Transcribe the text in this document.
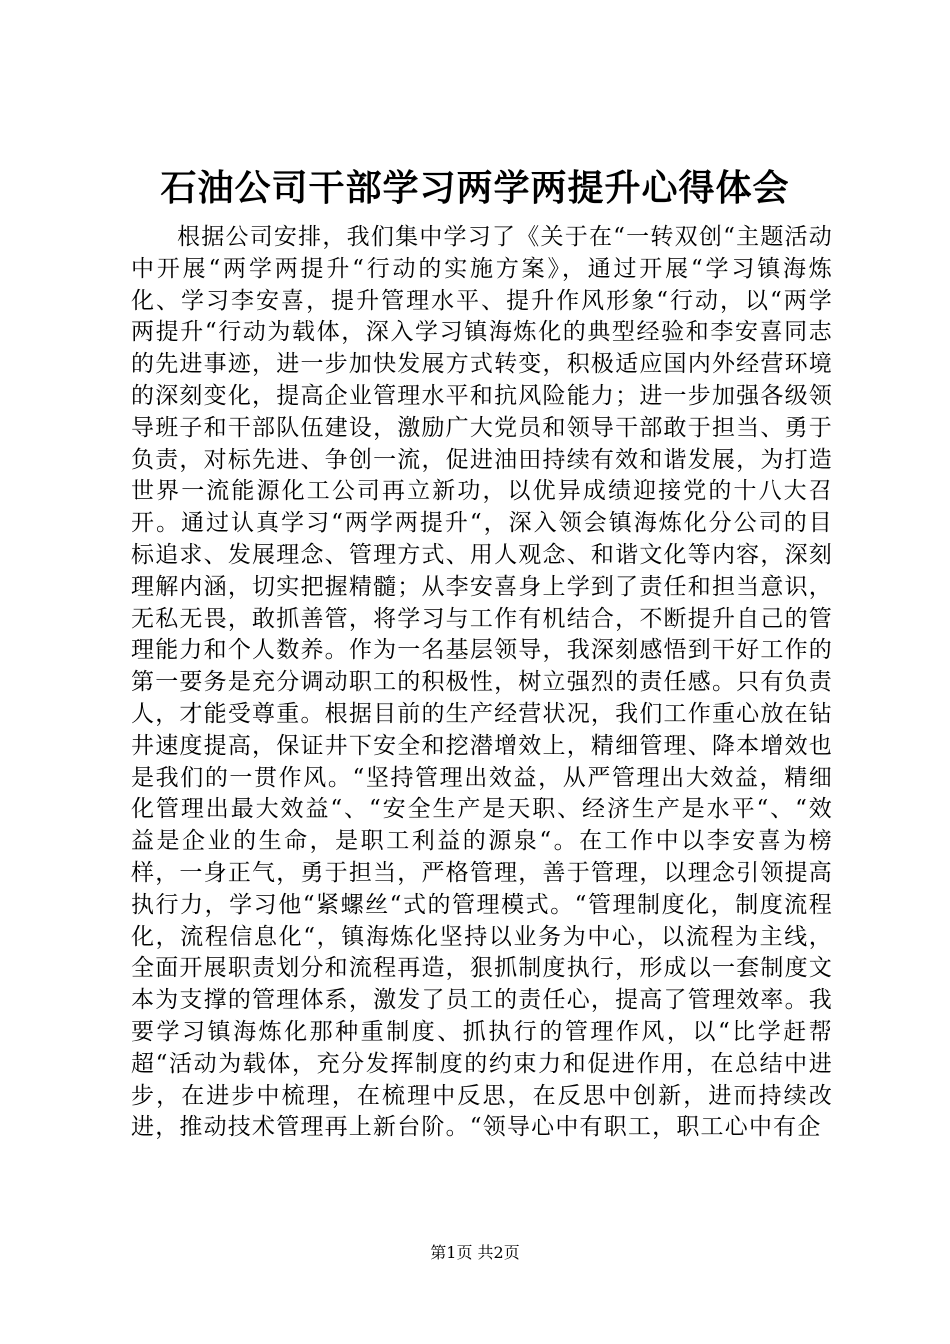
石油公司干部学习两学两提升心得体会

根据公司安排，我们集中学习了《关于在“一转双创“主题活动中开展“两学两提升“行动的实施方案》，通过开展“学习镇海炼化、学习李安喜，提升管理水平、提升作风形象“行动，以“两学两提升“行动为载体，深入学习镇海炼化的典型经验和李安喜同志的先进事迹，进一步加快发展方式转变，积极适应国内外经营环境的深刻变化，提高企业管理水平和抗风险能力；进一步加强各级领导班子和干部队伍建设，激励广大党员和领导干部敢于担当、勇于负责，对标先进、争创一流，促进油田持续有效和谐发展，为打造世界一流能源化工公司再立新功，以优异成绩迎接党的十八大召开。通过认真学习“两学两提升“，深入领会镇海炼化分公司的目标追求、发展理念、管理方式、用人观念、和谐文化等内容，深刻理解内涵，切实把握精髓；从李安喜身上学到了责任和担当意识，无私无畏，敢抓善管，将学习与工作有机结合，不断提升自己的管理能力和个人数养。作为一名基层领导，我深刻感悟到干好工作的第一要务是充分调动职工的积极性，树立强烈的责任感。只有负责人，才能受尊重。根据目前的生产经营状况，我们工作重心放在钻井速度提高，保证井下安全和挖潜增效上，精细管理、降本增效也是我们的一贯作风。“坚持管理出效益，从严管理出大效益，精细化管理出最大效益“、“安全生产是天职、经济生产是水平“、“效益是企业的生命，是职工利益的源泉“。在工作中以李安喜为榜样，一身正气，勇于担当，严格管理，善于管理，以理念引领提高执行力，学习他“紧螺丝“式的管理模式。“管理制度化，制度流程化，流程信息化“，镇海炼化坚持以业务为中心，以流程为主线，全面开展职责划分和流程再造，狠抓制度执行，形成以一套制度文本为支撑的管理体系，激发了员工的责任心，提高了管理效率。我要学习镇海炼化那种重制度、抓执行的管理作风，以“比学赶帮超“活动为载体，充分发挥制度的约束力和促进作用，在总结中进步，在进步中梳理，在梳理中反思，在反思中创新，进而持续改进，推动技术管理再上新台阶。“领导心中有职工，职工心中有企

第1页 共2页
